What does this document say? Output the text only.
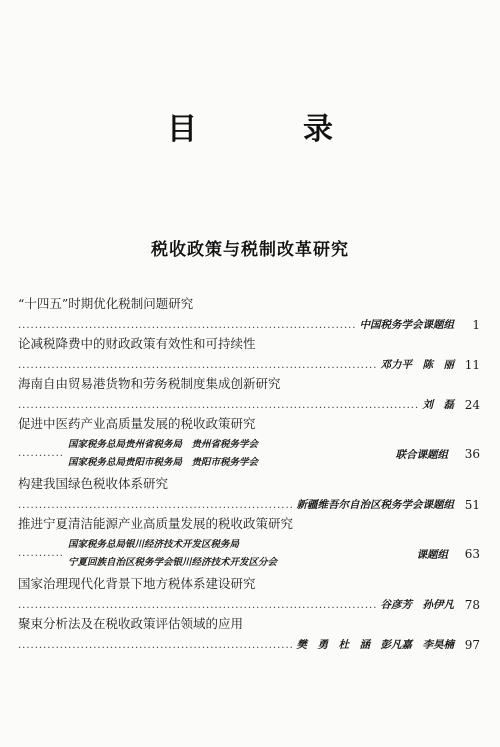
目　录
税收政策与税制改革研究
“十四五”时期优化税制问题研究
.....
中国税务学会课题组	1
论减税降费中的财政政策有效性和可持续性
.....
邓力平　陈　丽 11
海南自由贸易港货物和劳务税制度集成创新研究
.....
刘　磊 24
促进中医药产业高质量发展的税收政策研究
.....
国家税务总局贵州省税务局　贵州省税务学会
国家税务总局贵阳市税务局　贵阳市税务学会
联合课题组	36
构建我国绿色税收体系研究
.....
新疆维吾尔自治区税务学会课题组 51
推进宁夏清洁能源产业高质量发展的税收政策研究
.....
国家税务总局银川经济技术开发区税务局
宁夏回族自治区税务学会银川经济技术开发区分会
课题组	63
国家治理现代化背景下地方税体系建设研究
.....
谷彦芳　孙伊凡 78
聚束分析法及在税收政策评估领域的应用
.....
樊　勇　杜　涵　彭凡嘉　李昊楠 97
